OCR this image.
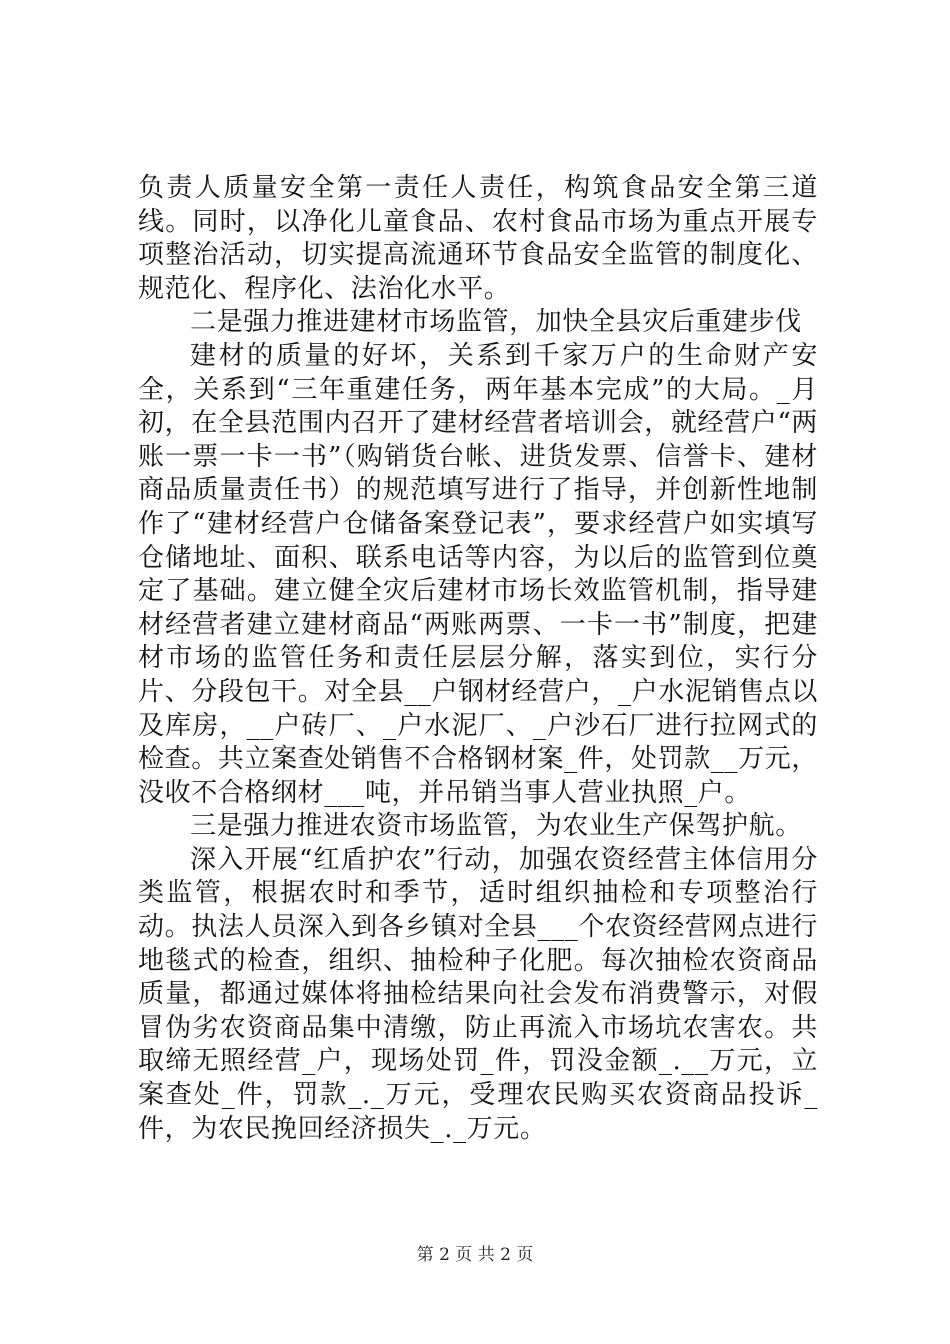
负责人质量安全第一责任人责任，构筑食品安全第三道线。同时，以净化儿童食品、农村食品市场为重点开展专项整治活动，切实提高流通环节食品安全监管的制度化、规范化、程序化、法治化水平。

二是强力推进建材市场监管，加快全县灾后重建步伐

建材的质量的好坏，关系到千家万户的生命财产安全，关系到“三年重建任务，两年基本完成”的大局。_月初，在全县范围内召开了建材经营者培训会，就经营户“两账一票一卡一书”（购销货台帐、进货发票、信誉卡、建材商品质量责任书）的规范填写进行了指导，并创新性地制作了“建材经营户仓储备案登记表”，要求经营户如实填写仓储地址、面积、联系电话等内容，为以后的监管到位奠定了基础。建立健全灾后建材市场长效监管机制，指导建材经营者建立建材商品“两账两票、一卡一书”制度，把建材市场的监管任务和责任层层分解，落实到位，实行分片、分段包干。对全县__户钢材经营户，_户水泥销售点以及库房，__户砖厂、_户水泥厂、_户沙石厂进行拉网式的检查。共立案查处销售不合格钢材案_件，处罚款__万元，没收不合格纲材___吨，并吊销当事人营业执照_户。

三是强力推进农资市场监管，为农业生产保驾护航。

深入开展“红盾护农”行动，加强农资经营主体信用分类监管，根据农时和季节，适时组织抽检和专项整治行动。执法人员深入到各乡镇对全县___个农资经营网点进行地毯式的检查，组织、抽检种子化肥。每次抽检农资商品质量，都通过媒体将抽检结果向社会发布消费警示，对假冒伪劣农资商品集中清缴，防止再流入市场坑农害农。共取缔无照经营_户，现场处罚_件，罚没金额_.__万元，立案查处_件，罚款_._万元，受理农民购买农资商品投诉_件，为农民挽回经济损失_._万元。

第 2 页 共 2 页
